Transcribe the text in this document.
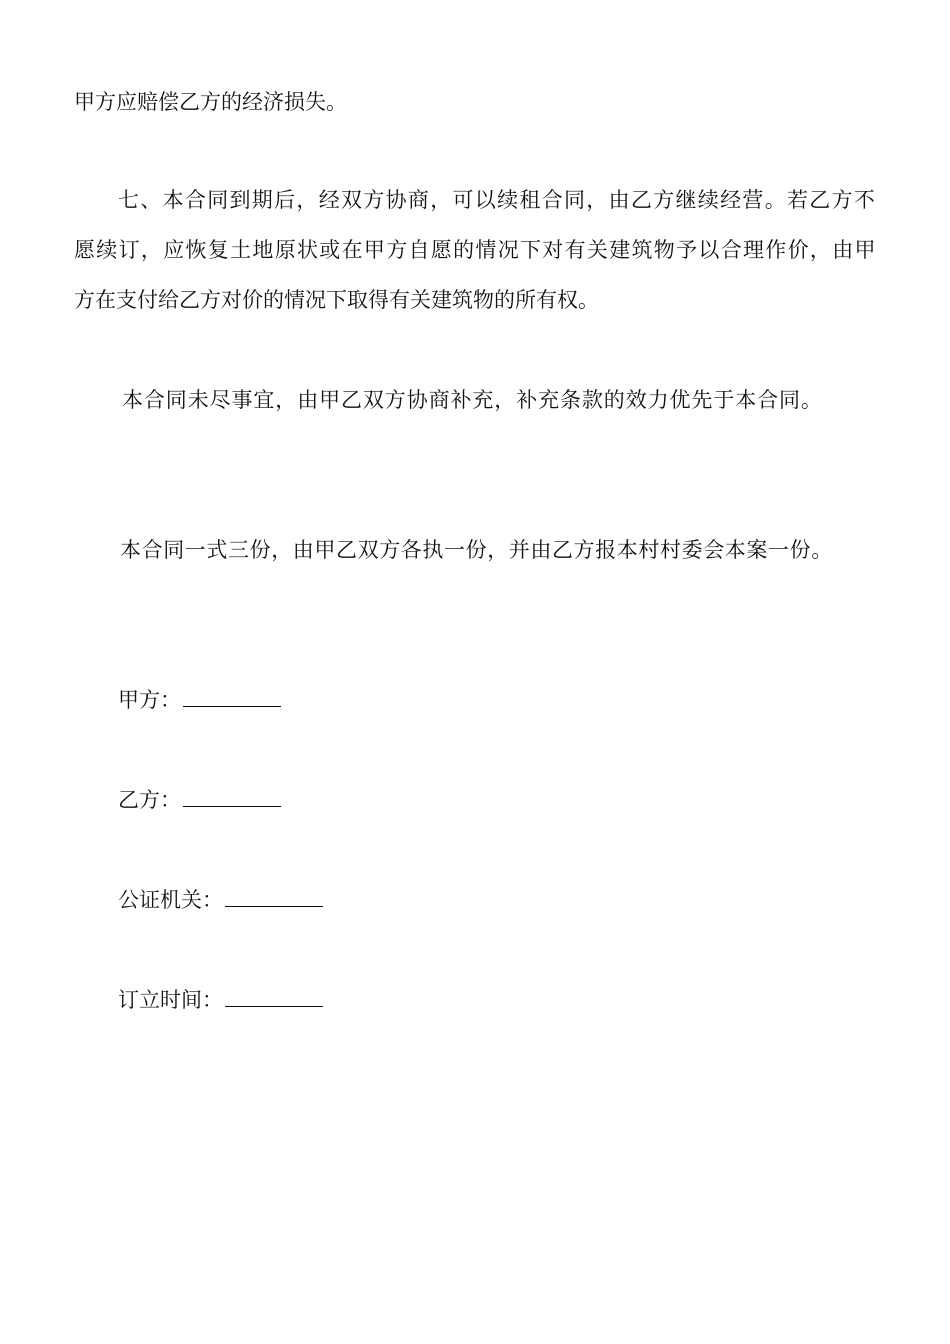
甲方应赔偿乙方的经济损失。
七、本合同到期后，经双方协商，可以续租合同，由乙方继续经营。若乙方不
愿续订，应恢复土地原状或在甲方自愿的情况下对有关建筑物予以合理作价，由甲
方在支付给乙方对价的情况下取得有关建筑物的所有权。
本合同未尽事宜，由甲乙双方协商补充，补充条款的效力优先于本合同。
本合同一式三份，由甲乙双方各执一份，并由乙方报本村村委会本案一份。
甲方：
乙方：
公证机关：
订立时间：
